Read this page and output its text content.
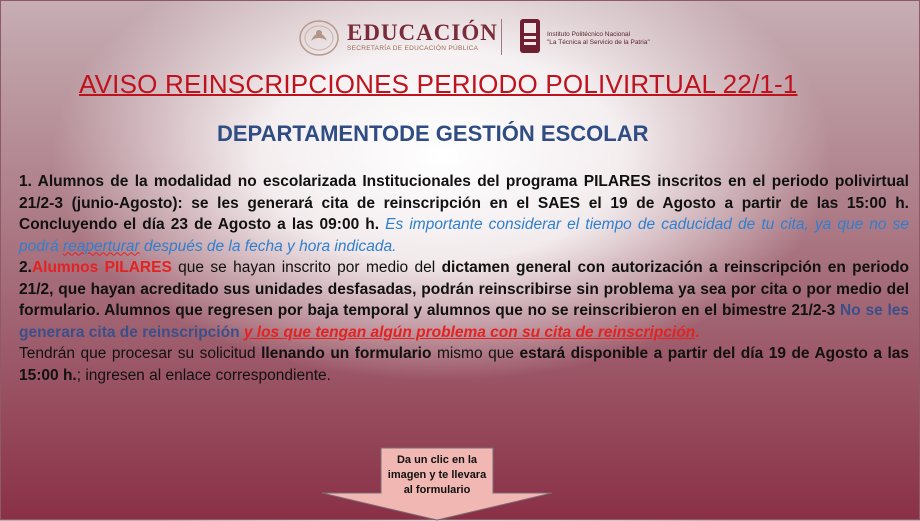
EDUCACIÓN
SECRETARÍA DE EDUCACIÓN PÚBLICA
Instituto Politécnico Nacional
"La Técnica al Servicio de la Patria"
AVISO REINSCRIPCIONES PERIODO POLIVIRTUAL 22/1-1
DEPARTAMENTODE GESTIÓN ESCOLAR

1. Alumnos de la modalidad no escolarizada Institucionales del programa PILARES inscritos en el periodo polivirtual 21/2-3 (junio-Agosto): se les generará cita de reinscripción en el SAES el 19 de Agosto a partir de las 15:00 h. Concluyendo el día 23 de Agosto a las 09:00 h. Es importante considerar el tiempo de caducidad de tu cita, ya que no se podrá reaperturar después de la fecha y hora indicada.

2.Alumnos PILARES que se hayan inscrito por medio del dictamen general con autorización a reinscripción en periodo 21/2, que hayan acreditado sus unidades desfasadas, podrán reinscribirse sin problema ya sea por cita o por medio del formulario. Alumnos que regresen por baja temporal y alumnos que no se reinscribieron en el bimestre 21/2-3 No se les generara cita de reinscripción y los que tengan algún problema con su cita de reinscripción.

Tendrán que procesar su solicitud llenando un formulario mismo que estará disponible a partir del día 19 de Agosto a las 15:00 h.; ingresen al enlace correspondiente.

Da un clic en la imagen y te llevara al formulario
